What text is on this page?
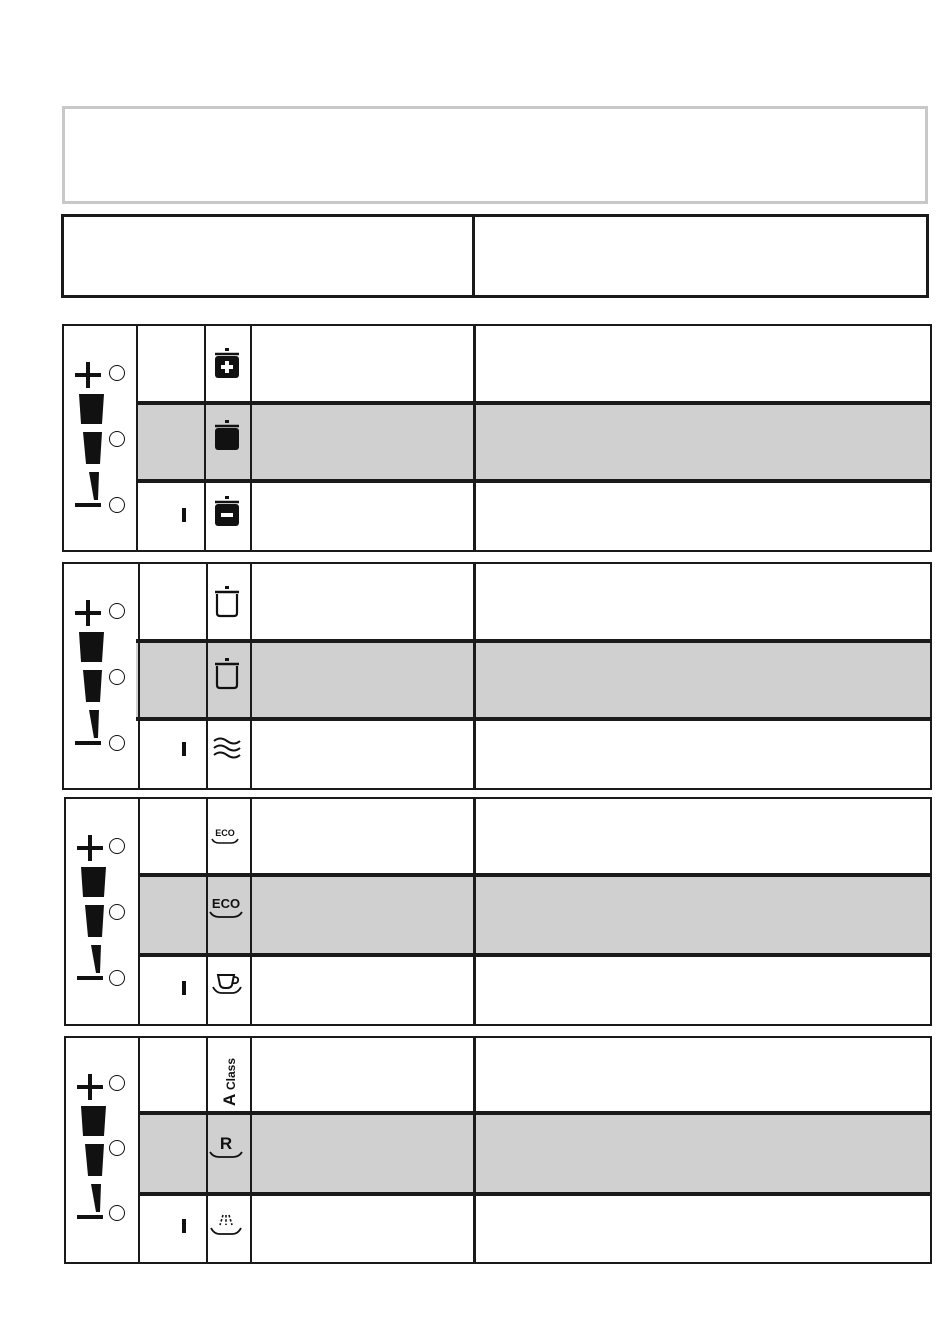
ECO
ECO
A
Class
R
